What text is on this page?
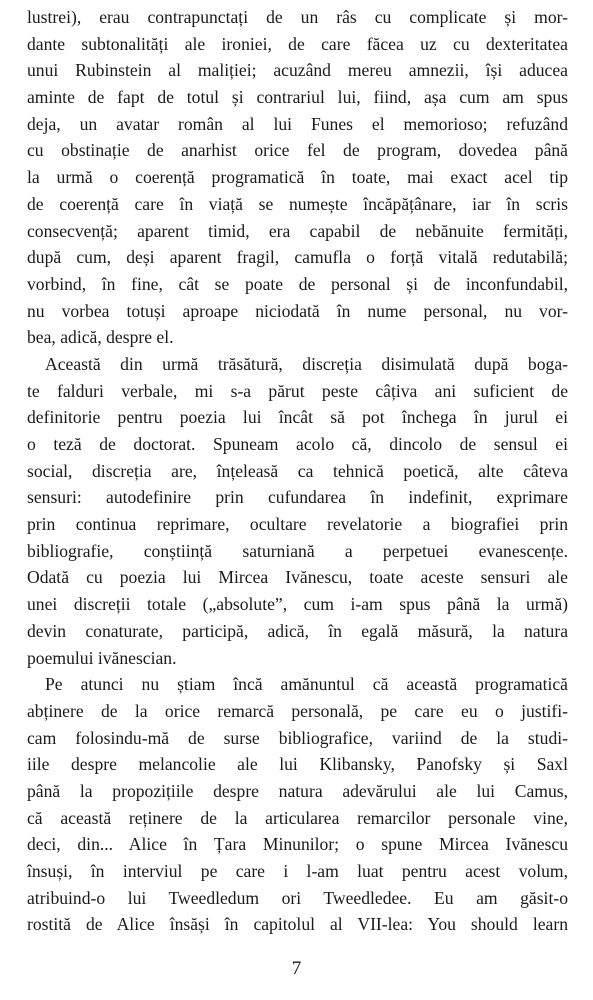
lustrei), erau contrapunctați de un râs cu complicate și mor-
dante subtonalități ale ironiei, de care făcea uz cu dexteritatea
unui Rubinstein al maliției; acuzând mereu amnezii, își aducea
aminte de fapt de totul și contrariul lui, fiind, așa cum am spus
deja, un avatar român al lui Funes el memorioso; refuzând
cu obstinație de anarhist orice fel de program, dovedea până
la urmă o coerență programatică în toate, mai exact acel tip
de coerență care în viață se numește încăpățânare, iar în scris
consecvență; aparent timid, era capabil de nebănuite fermități,
după cum, deși aparent fragil, camufla o forță vitală redutabilă;
vorbind, în fine, cât se poate de personal și de inconfundabil,
nu vorbea totuși aproape niciodată în nume personal, nu vor-
bea, adică, despre el.
Această din urmă trăsătură, discreția disimulată după boga-
te falduri verbale, mi s-a părut peste câțiva ani suficient de
definitorie pentru poezia lui încât să pot închega în jurul ei
o teză de doctorat. Spuneam acolo că, dincolo de sensul ei
social, discreția are, înțeleasă ca tehnică poetică, alte câteva
sensuri: autodefinire prin cufundarea în indefinit, exprimare
prin continua reprimare, ocultare revelatorie a biografiei prin
bibliografie, conștiință saturniană a perpetuei evanescențe.
Odată cu poezia lui Mircea Ivănescu, toate aceste sensuri ale
unei discreții totale („absolute”, cum i-am spus până la urmă)
devin conaturate, participă, adică, în egală măsură, la natura
poemului ivănescian.
Pe atunci nu știam încă amănuntul că această programatică
abținere de la orice remarcă personală, pe care eu o justifi-
cam folosindu-mă de surse bibliografice, variind de la studi-
iile despre melancolie ale lui Klibansky, Panofsky și Saxl
până la propozițiile despre natura adevărului ale lui Camus,
că această reținere de la articularea remarcilor personale vine,
deci, din... Alice în Țara Minunilor; o spune Mircea Ivănescu
însuși, în interviul pe care i l-am luat pentru acest volum,
atribuind-o lui Tweedledum ori Tweedledee. Eu am găsit-o
rostită de Alice însăși în capitolul al VII-lea: You should learn
7
